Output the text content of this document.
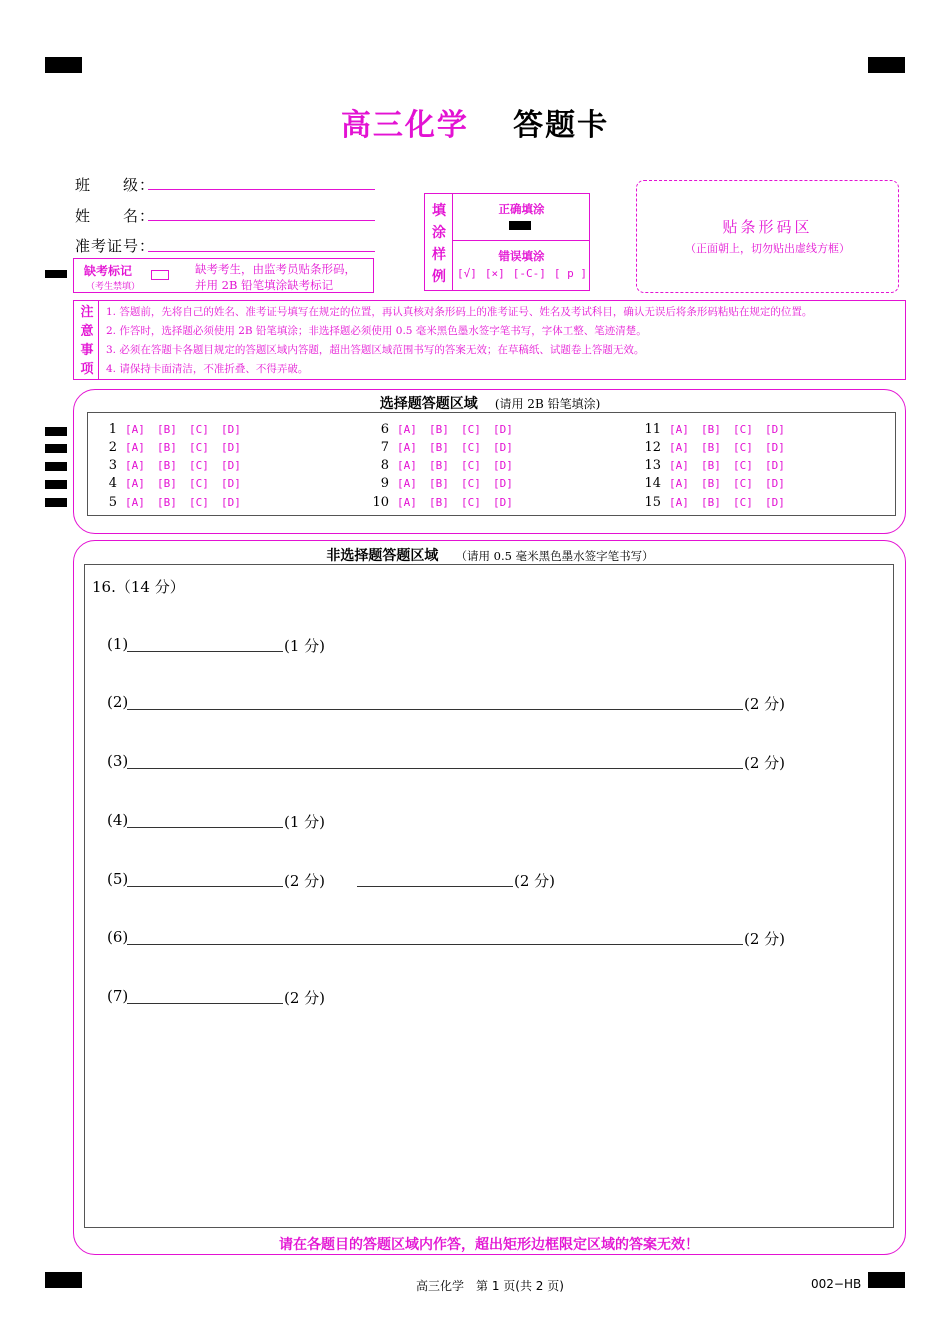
高三化学 答题卡
班　　级：
姓　　名：
准考证号：
缺考标记
（考生禁填）
缺考考生，由监考员贴条形码，
并用 2B 铅笔填涂缺考标记
填
涂
样
例
正确填涂
错误填涂
[√] [×] [-C-] [ p ]
贴条形码区
（正面朝上，切勿贴出虚线方框）
注
意
事
项
1. 答题前，先将自己的姓名、准考证号填写在规定的位置，再认真核对条形码上的准考证号、姓名及考试科目，确认无误后将条形码粘贴在规定的位置。
2. 作答时，选择题必须使用 2B 铅笔填涂；非选择题必须使用 0.5 毫米黑色墨水签字笔书写，字体工整、笔迹清楚。
3. 必须在答题卡各题目规定的答题区域内答题，超出答题区域范围书写的答案无效；在草稿纸、试题卷上答题无效。
4. 请保持卡面清洁，不准折叠、不得弄破。
选择题答题区域 (请用 2B 铅笔填涂)
1 [A] [B] [C] [D]
2 [A] [B] [C] [D]
3 [A] [B] [C] [D]
4 [A] [B] [C] [D]
5 [A] [B] [C] [D]
6 [A] [B] [C] [D]
7 [A] [B] [C] [D]
8 [A] [B] [C] [D]
9 [A] [B] [C] [D]
10 [A] [B] [C] [D]
11 [A] [B] [C] [D]
12 [A] [B] [C] [D]
13 [A] [B] [C] [D]
14 [A] [B] [C] [D]
15 [A] [B] [C] [D]
非选择题答题区域 （请用 0.5 毫米黑色墨水签字笔书写）
16.（14 分）
(1)	(1 分)
(2)	(2 分)
(3)	(2 分)
(4)	(1 分)
(5)	(2 分)	(2 分)
(6)	(2 分)
(7)	(2 分)
请在各题目的答题区域内作答，超出矩形边框限定区域的答案无效！
高三化学　第 1 页(共 2 页)	002−HB
